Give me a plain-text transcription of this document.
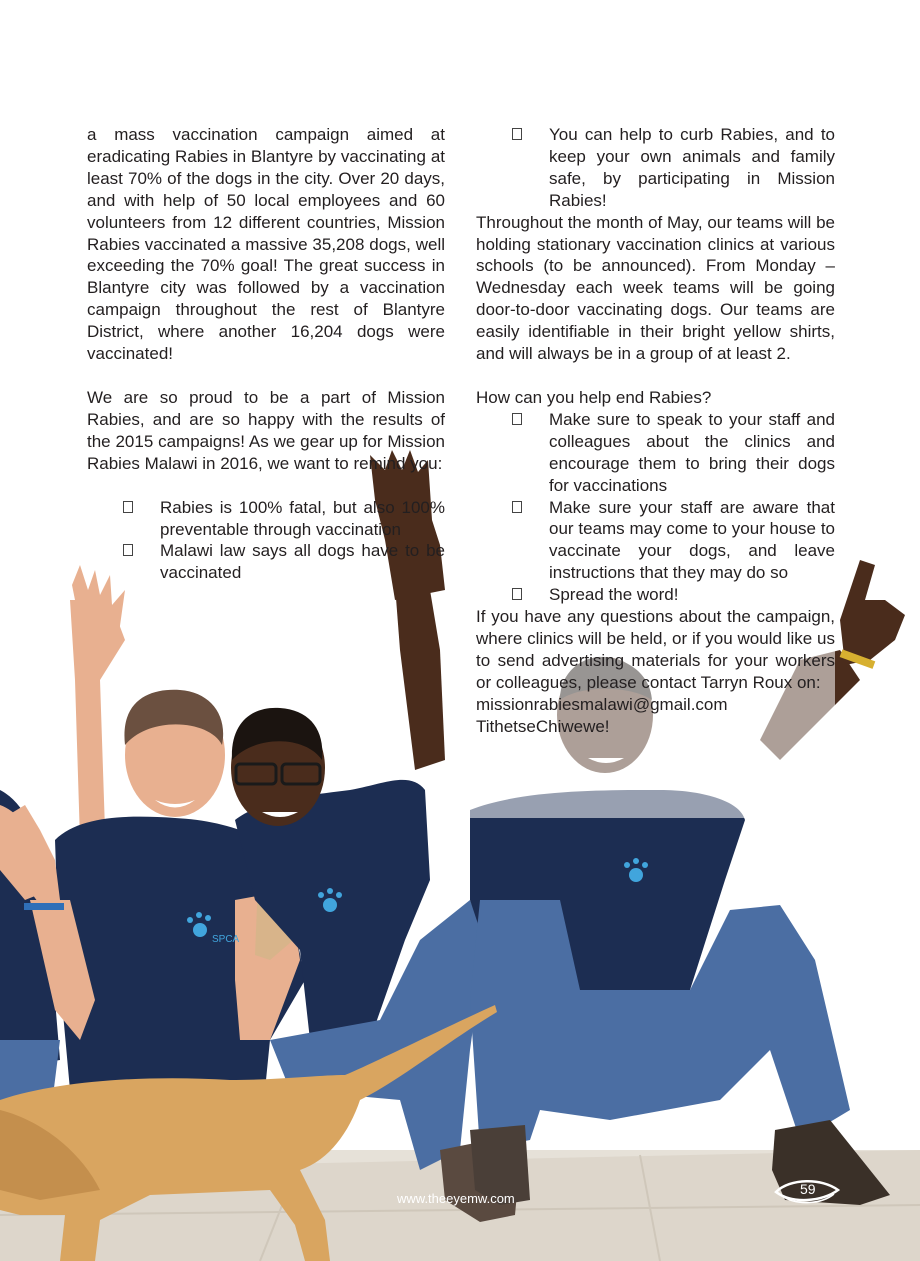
SPCA

a mass vaccination campaign aimed at eradicating Rabies in Blantyre by vaccinating at least 70% of the dogs in the city. Over 20 days, and with help of 50 local employees and 60 volunteers from 12 different countries, Mission Rabies vaccinated a massive 35,208 dogs, well exceeding the 70% goal! The great success in Blantyre city was followed by a vaccination campaign throughout the rest of Blantyre District, where another 16,204 dogs were vaccinated!

We are so proud to be a part of Mission Rabies, and are so happy with the results of the 2015 campaigns! As we gear up for Mission Rabies Malawi in 2016, we want to remind you:

Rabies is 100% fatal, but also 100% preventable through vaccination
Malawi law says all dogs have to be vaccinated
You can help to curb Rabies, and to keep your own animals and family safe, by participating in Mission Rabies!

Throughout the month of May, our teams will be holding stationary vaccination clinics at various schools (to be announced). From Monday – Wednesday each week teams will be going door-to-door vaccinating dogs. Our teams are easily identifiable in their bright yellow shirts, and will always be in a group of at least 2.

How can you help end Rabies?

Make sure to speak to your staff and colleagues about the clinics and encourage them to bring their dogs for vaccinations
Make sure your staff are aware that our teams may come to your house to vaccinate your dogs, and leave instructions that they may do so
Spread the word!

If you have any questions about the campaign, where clinics will be held, or if you would like us to send advertising materials for your workers or colleagues, please contact Tarryn Roux on:

missionrabiesmalawi@gmail.com

TithetseChiwewe!

www.theeyemw.com
59
